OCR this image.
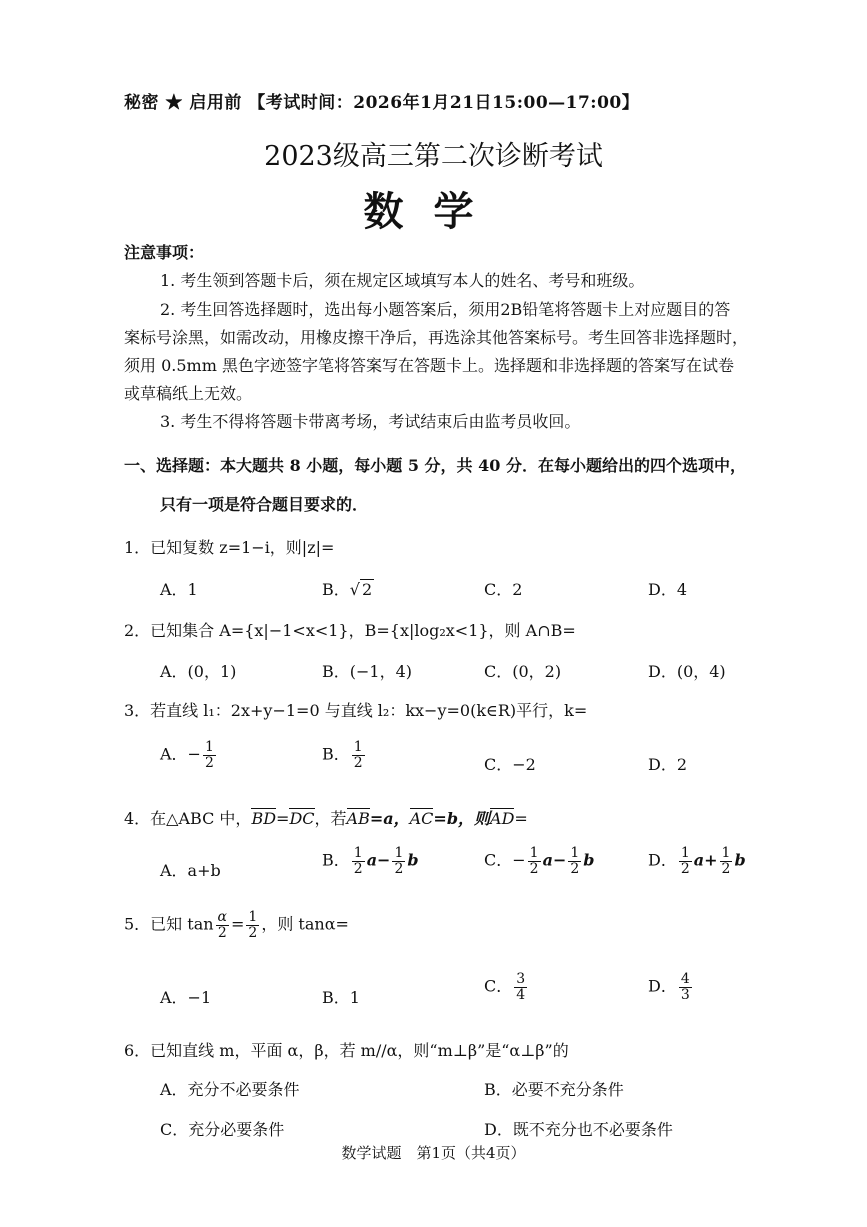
秘密 ★ 启用前 【考试时间：2026年1月21日15:00—17:00】
2023级高三第二次诊断考试
数学
注意事项：
1. 考生领到答题卡后，须在规定区域填写本人的姓名、考号和班级。
2. 考生回答选择题时，选出每小题答案后，须用2B铅笔将答题卡上对应题目的答
案标号涂黑，如需改动，用橡皮擦干净后，再选涂其他答案标号。考生回答非选择题时，
须用 0.5mm 黑色字迹签字笔将答案写在答题卡上。选择题和非选择题的答案写在试卷
或草稿纸上无效。
3. 考生不得将答题卡带离考场，考试结束后由监考员收回。
一、选择题：本大题共 8 小题，每小题 5 分，共 40 分．在每小题给出的四个选项中，
只有一项是符合题目要求的．
1．已知复数 z=1−i，则|z|=
A．1	B．√ 2	C．2	D．4
2．已知集合 A={x|−1<x<1}，B={x|log₂x<1}，则 A∩B=
A．(0，1)	B．(−1，4)	C．(0，2)	D．(0，4)
3．若直线 l₁：2x+y−1=0 与直线 l₂：kx−y=0(k∈R)平行，k=
A．− $\frac{1}{2}$	B． $\frac{1}{2}$	C．−2	D．2
4．在△ABC 中，BD=DC，若AB=a，AC=b，则AD=
A．a+b
B． $\frac{1}{2} a- \frac{1}{2}$ b	C．− $\frac{1}{2} a- \frac{1}{2}$ b	D． $\frac{1}{2} a+ \frac{1}{2}$ b
5．已知 $\tan \frac{\alpha}{2} = \frac{1}{2}$ ，则 tanα=
A．−1	B．1
C． $\frac{3}{4}$	D． $\frac{4}{3}$
6．已知直线 m，平面 α，β，若 m//α，则“m⊥β”是“α⊥β”的
A．充分不必要条件	B．必要不充分条件
C．充分必要条件	D．既不充分也不必要条件
数学试题　第1页（共4页）
